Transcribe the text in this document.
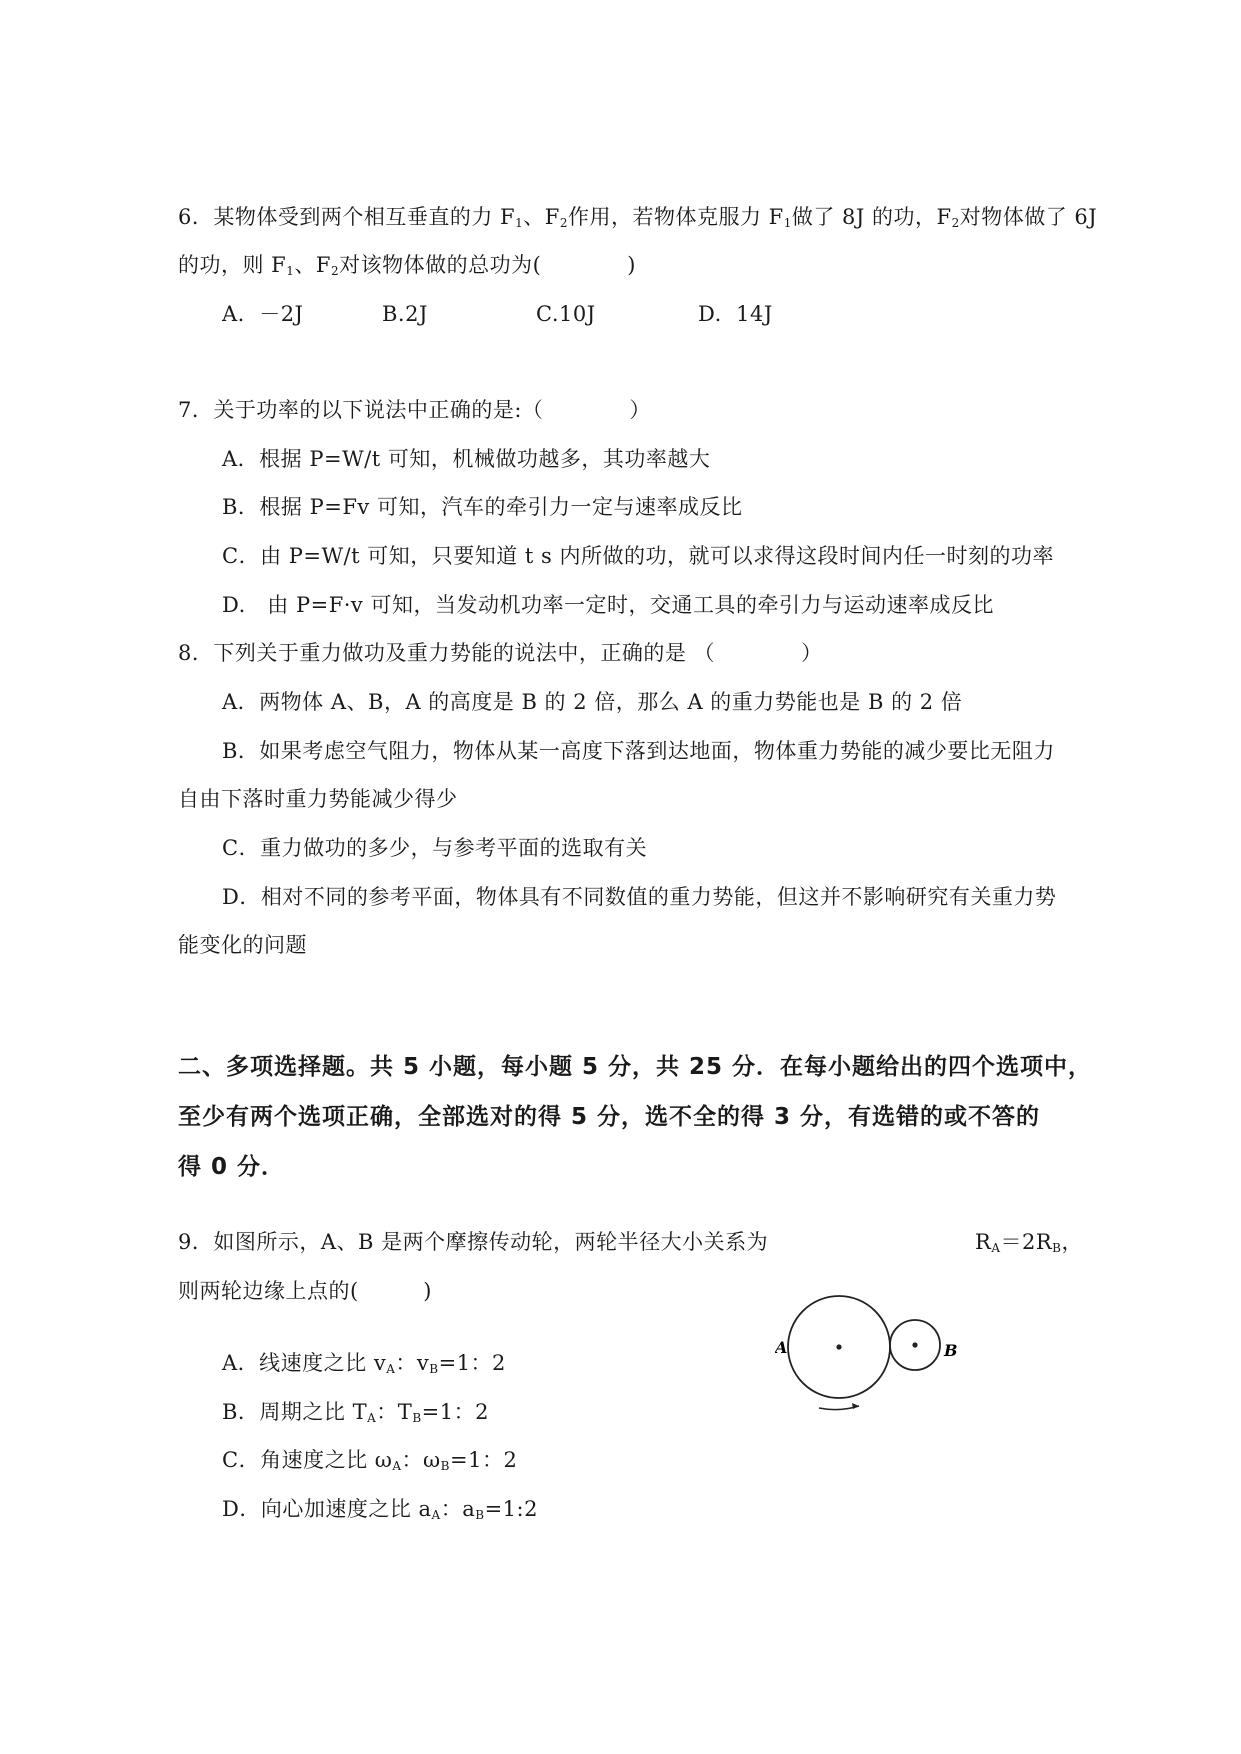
6．某物体受到两个相互垂直的力 $F_1$、$F_2$作用，若物体克服力 $F_1$做了 8J 的功，$F_2$对物体做了 6J
的功，则 $F_1$、$F_2$对该物体做的总功为(　　　　)
A.  －2J	B.2J	C.10J	D.  14J
7．关于功率的以下说法中正确的是:（　　　　）
A．根据 P=W/t 可知，机械做功越多，其功率越大
B．根据 P=Fv 可知，汽车的牵引力一定与速率成反比
C．由 P=W/t 可知，只要知道 t s 内所做的功，就可以求得这段时间内任一时刻的功率
D.   由 P=F·v 可知，当发动机功率一定时，交通工具的牵引力与运动速率成反比
8．下列关于重力做功及重力势能的说法中，正确的是 （　　　　）
A．两物体 A、B，A 的高度是 B 的 2 倍，那么 A 的重力势能也是 B 的 2 倍
B．如果考虑空气阻力，物体从某一高度下落到达地面，物体重力势能的减少要比无阻力
自由下落时重力势能减少得少
C．重力做功的多少，与参考平面的选取有关
D．相对不同的参考平面，物体具有不同数值的重力势能，但这并不影响研究有关重力势
能变化的问题
二、多项选择题。共 5 小题，每小题 5 分，共 25 分．在每小题给出的四个选项中，
至少有两个选项正确，全部选对的得 5 分，选不全的得 3 分，有选错的或不答的
得 0 分．
9．如图所示，A、B 是两个摩擦传动轮，两轮半径大小关系为	$R_A=2R_B$，
则两轮边缘上点的(　　　)
A．线速度之比 $v_A$：$v_B=1$：2
B．周期之比 $T_A$：$T_B=1$：2
C．角速度之比 $\omega_A$：$\omega_B=1$：2
D．向心加速度之比 $a_A$：$a_B=1:2$
A	B
